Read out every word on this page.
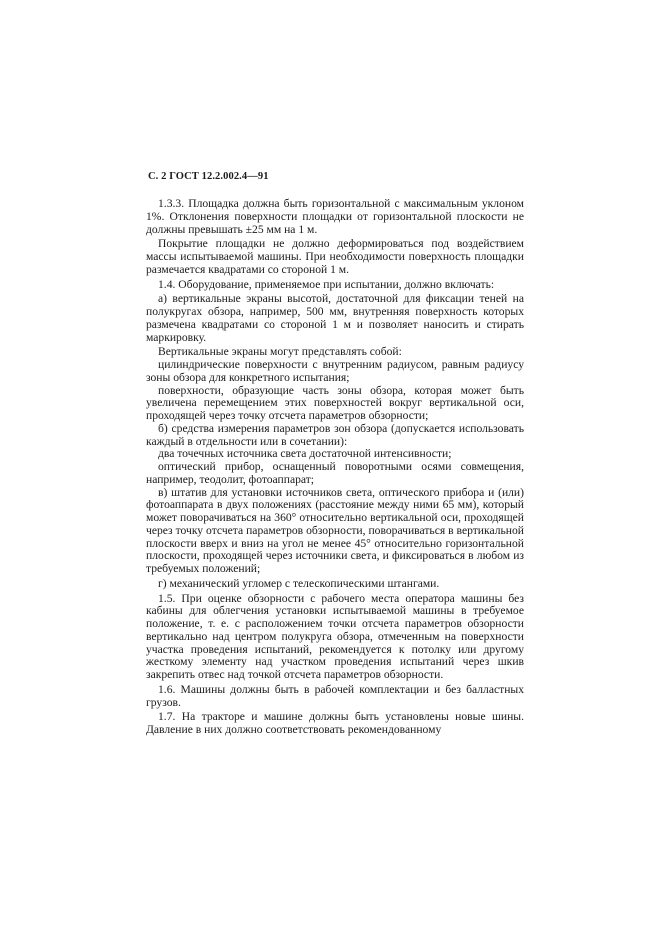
С. 2 ГОСТ 12.2.002.4—91

1.3.3. Площадка должна быть горизонтальной с максимальным уклоном 1%. Отклонения поверхности площадки от горизонтальной плоскости не должны превышать ±25 мм на 1 м.

Покрытие площадки не должно деформироваться под воздействием массы испытываемой машины. При необходимости поверхность площадки размечается квадратами со стороной 1 м.

1.4. Оборудование, применяемое при испытании, должно включать:

а) вертикальные экраны высотой, достаточной для фиксации теней на полукругах обзора, например, 500 мм, внутренняя поверхность которых размечена квадратами со стороной 1 м и позволяет наносить и стирать маркировку.

Вертикальные экраны могут представлять собой:

цилиндрические поверхности с внутренним радиусом, равным радиусу зоны обзора для конкретного испытания;

поверхности, образующие часть зоны обзора, которая может быть увеличена перемещением этих поверхностей вокруг вертикальной оси, проходящей через точку отсчета параметров обзорности;

б) средства измерения параметров зон обзора (допускается использовать каждый в отдельности или в сочетании):

два точечных источника света достаточной интенсивности;

оптический прибор, оснащенный поворотными осями совмещения, например, теодолит, фотоаппарат;

в) штатив для установки источников света, оптического прибора и (или) фотоаппарата в двух положениях (расстояние между ними 65 мм), который может поворачиваться на 360° относительно вертикальной оси, проходящей через точку отсчета параметров обзорности, поворачиваться в вертикальной плоскости вверх и вниз на угол не менее 45° относительно горизонтальной плоскости, проходящей через источники света, и фиксироваться в любом из требуемых положений;

г) механический угломер с телескопическими штангами.

1.5. При оценке обзорности с рабочего места оператора машины без кабины для облегчения установки испытываемой машины в требуемое положение, т. е. с расположением точки отсчета параметров обзорности вертикально над центром полукруга обзора, отмеченным на поверхности участка проведения испытаний, рекомендуется к потолку или другому жесткому элементу над участком проведения испытаний через шкив закрепить отвес над точкой отсчета параметров обзорности.

1.6. Машины должны быть в рабочей комплектации и без балластных грузов.

1.7. На тракторе и машине должны быть установлены новые шины. Давление в них должно соответствовать рекомендованному
